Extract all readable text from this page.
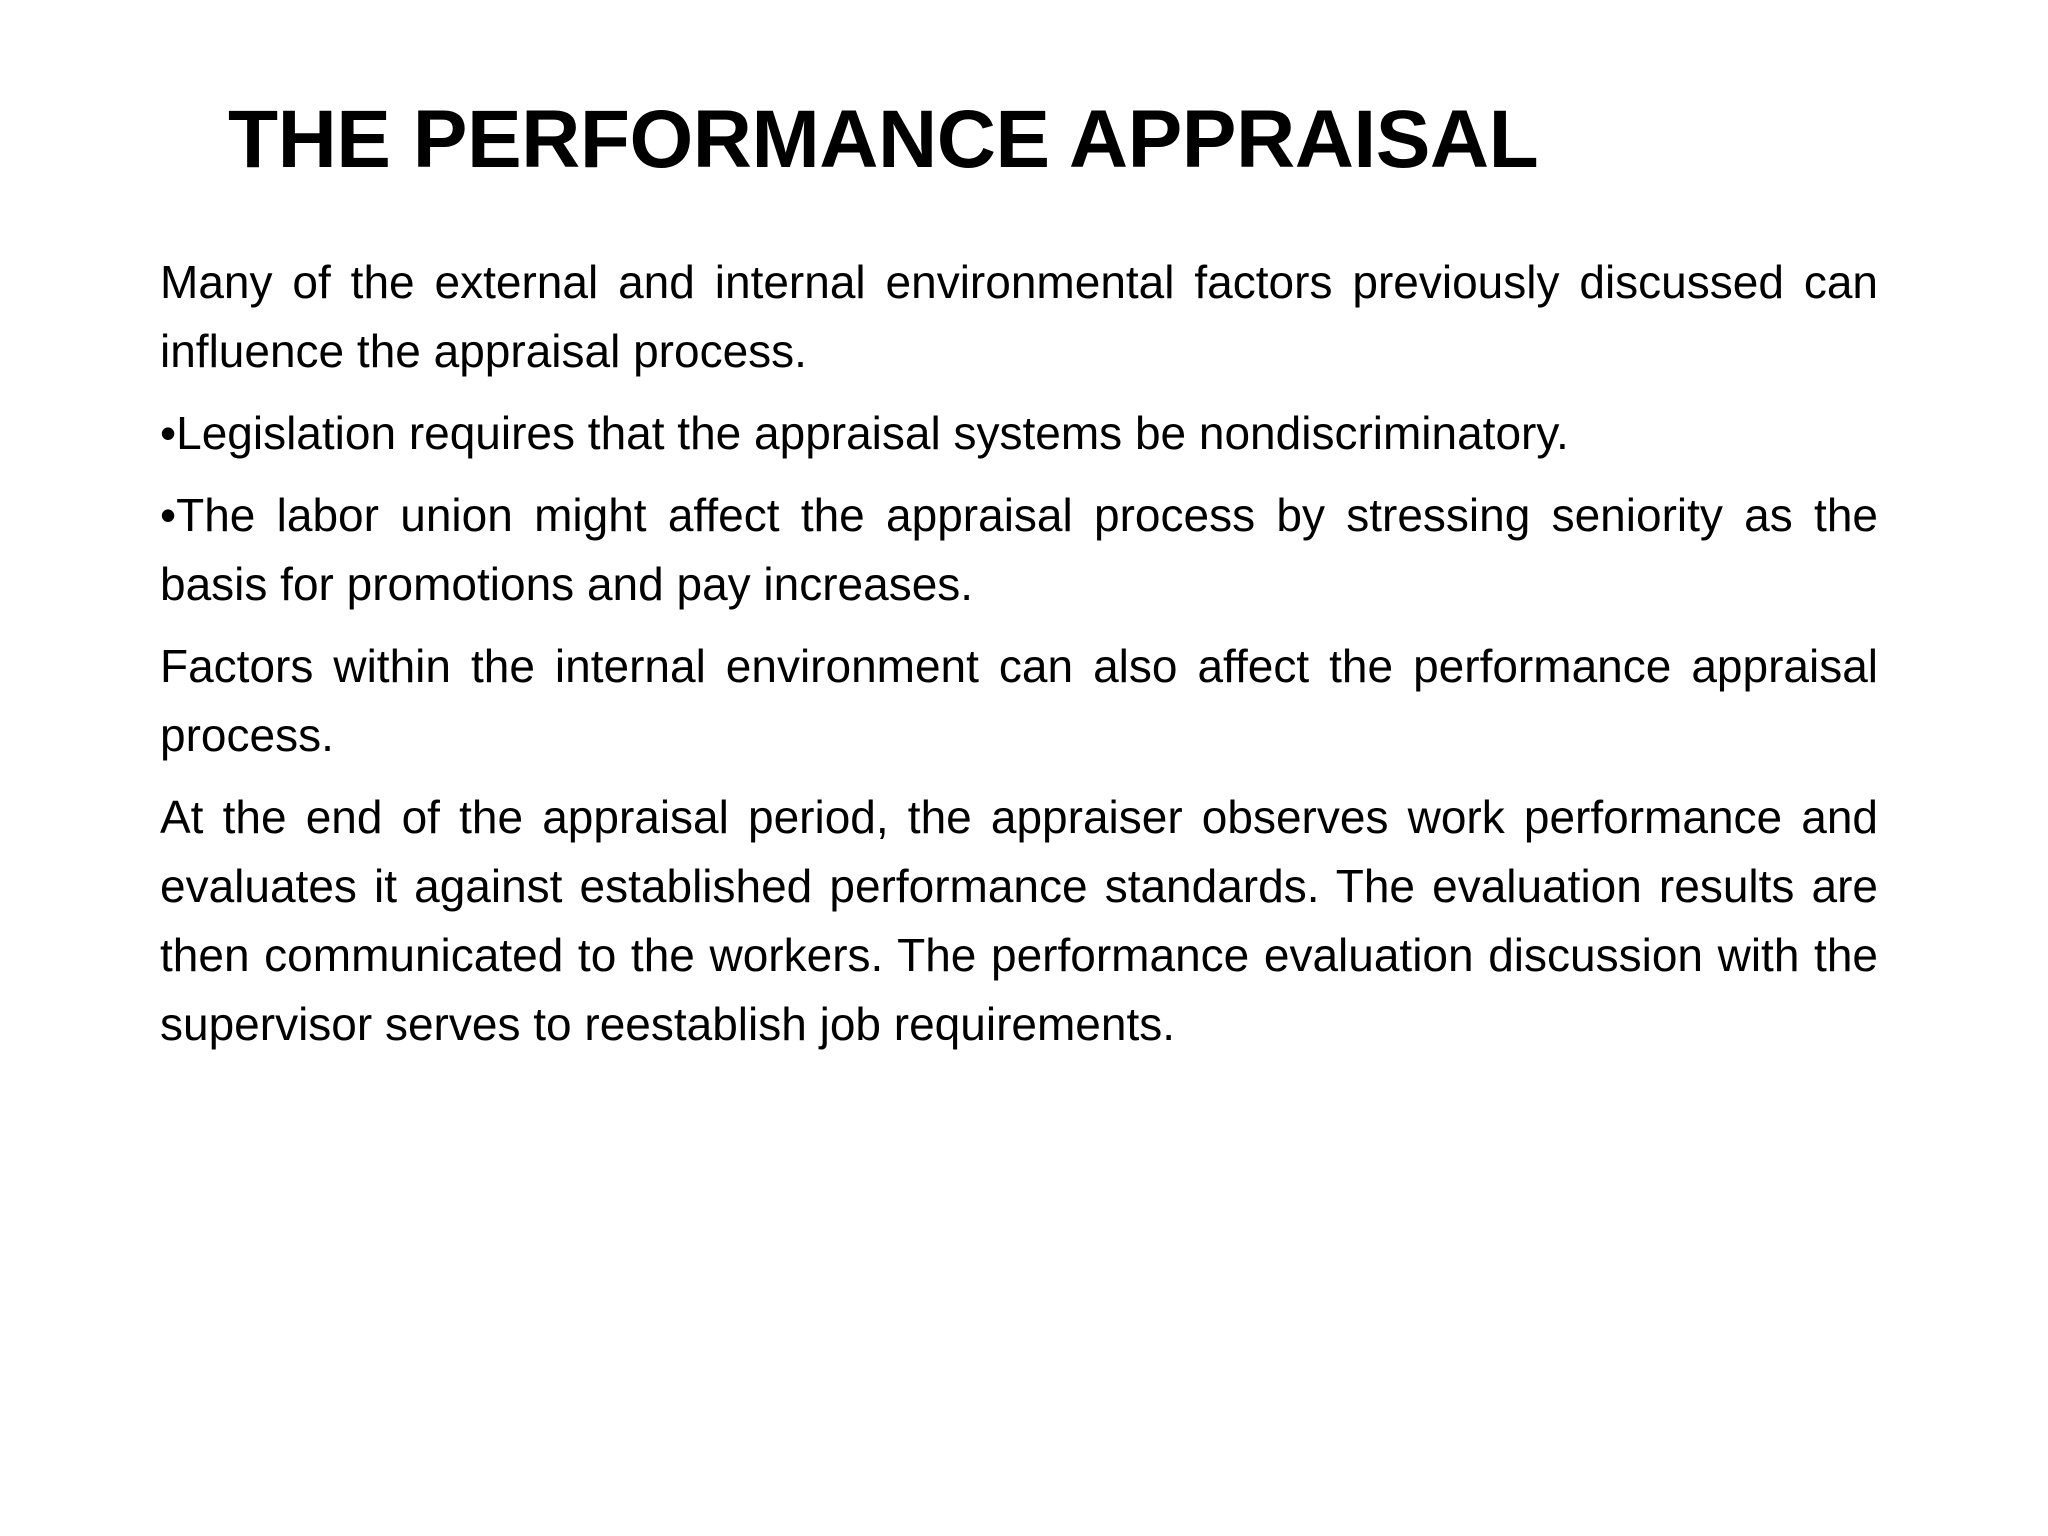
THE PERFORMANCE APPRAISAL

Many of the external and internal environmental factors previously discussed can influence the appraisal process.

•Legislation requires that the appraisal systems be nondiscriminatory.

•The labor union might affect the appraisal process by stressing seniority as the basis for promotions and pay increases.

Factors within the internal environment can also affect the performance appraisal process.

At the end of the appraisal period, the appraiser observes work performance and evaluates it against established performance standards. The evaluation results are then communicated to the workers. The performance evaluation discussion with the supervisor serves to reestablish job requirements.
